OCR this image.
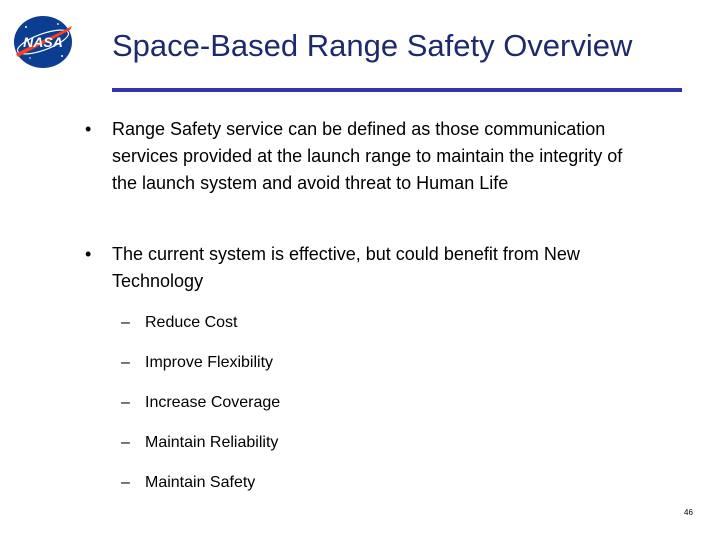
NASA Space-Based Range Safety Overview
• Range Safety service can be defined as those communication services provided at the launch range to maintain the integrity of the launch system and avoid threat to Human Life
• The current system is effective, but could benefit from New Technology
– Reduce Cost
– Improve Flexibility
– Increase Coverage
– Maintain Reliability
– Maintain Safety
46
